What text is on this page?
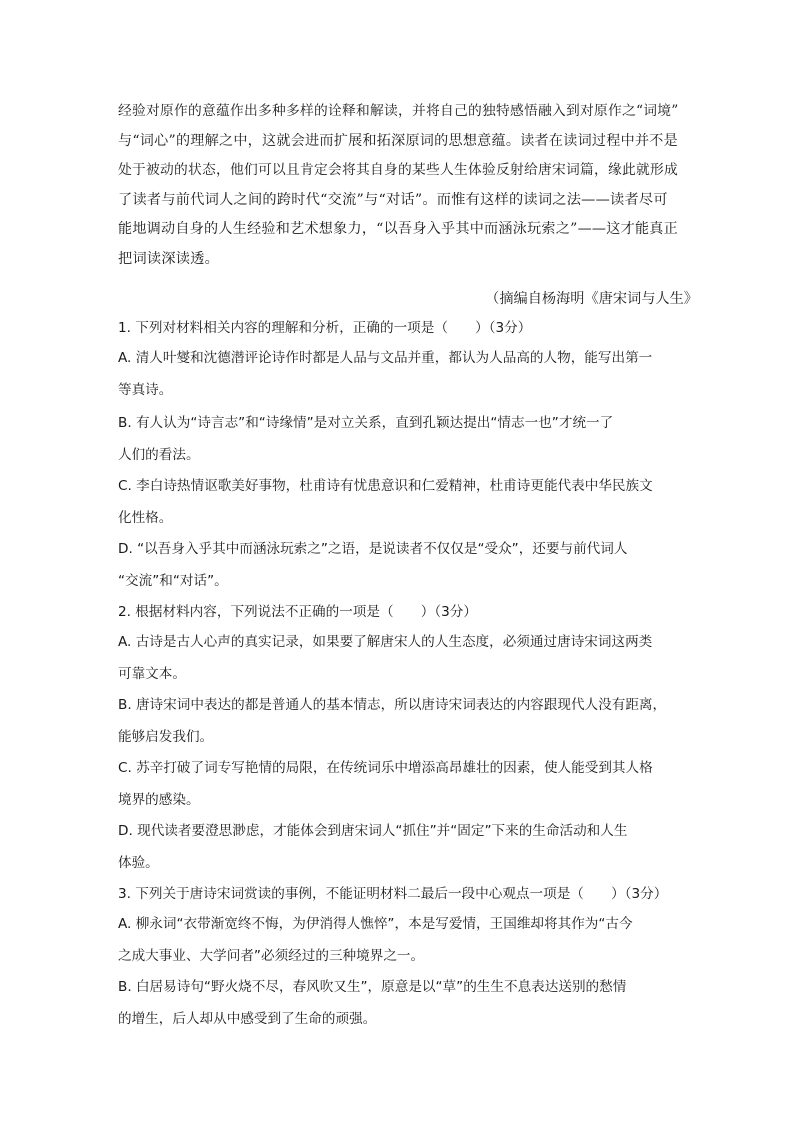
经验对原作的意蕴作出多种多样的诠释和解读，并将自己的独特感悟融入到对原作之“词境”
与“词心”的理解之中，这就会进而扩展和拓深原词的思想意蕴。读者在读词过程中并不是
处于被动的状态，他们可以且肯定会将其自身的某些人生体验反射给唐宋词篇，缘此就形成
了读者与前代词人之间的跨时代“交流”与“对话”。而惟有这样的读词之法——读者尽可
能地调动自身的人生经验和艺术想象力，“以吾身入乎其中而涵泳玩索之”——这才能真正
把词读深读透。
（摘编自杨海明《唐宋词与人生》
1. 下列对材料相关内容的理解和分析，正确的一项是（　　）（3分）
A. 清人叶燮和沈德潜评论诗作时都是人品与文品并重，都认为人品高的人物，能写出第一
等真诗。
B. 有人认为“诗言志”和“诗缘情”是对立关系，直到孔颖达提出“情志一也”才统一了
人们的看法。
C. 李白诗热情讴歌美好事物，杜甫诗有忧患意识和仁爱精神，杜甫诗更能代表中华民族文
化性格。
D. “以吾身入乎其中而涵泳玩索之”之语，是说读者不仅仅是“受众”，还要与前代词人
“交流”和“对话”。
2. 根据材料内容，下列说法不正确的一项是（　　）（3分）
A. 古诗是古人心声的真实记录，如果要了解唐宋人的人生态度，必须通过唐诗宋词这两类
可靠文本。
B. 唐诗宋词中表达的都是普通人的基本情志，所以唐诗宋词表达的内容跟现代人没有距离，
能够启发我们。
C. 苏辛打破了词专写艳情的局限，在传统词乐中增添高昂雄壮的因素，使人能受到其人格
境界的感染。
D. 现代读者要澄思渺虑，才能体会到唐宋词人“抓住”并“固定”下来的生命活动和人生
体验。
3. 下列关于唐诗宋词赏读的事例，不能证明材料二最后一段中心观点一项是（　　）（3分）
A. 柳永词“衣带渐宽终不悔，为伊消得人憔悴”，本是写爱情，王国维却将其作为“古今
之成大事业、大学问者”必须经过的三种境界之一。
B. 白居易诗句“野火烧不尽，春风吹又生”，原意是以“草”的生生不息表达送别的愁情
的增生，后人却从中感受到了生命的顽强。
